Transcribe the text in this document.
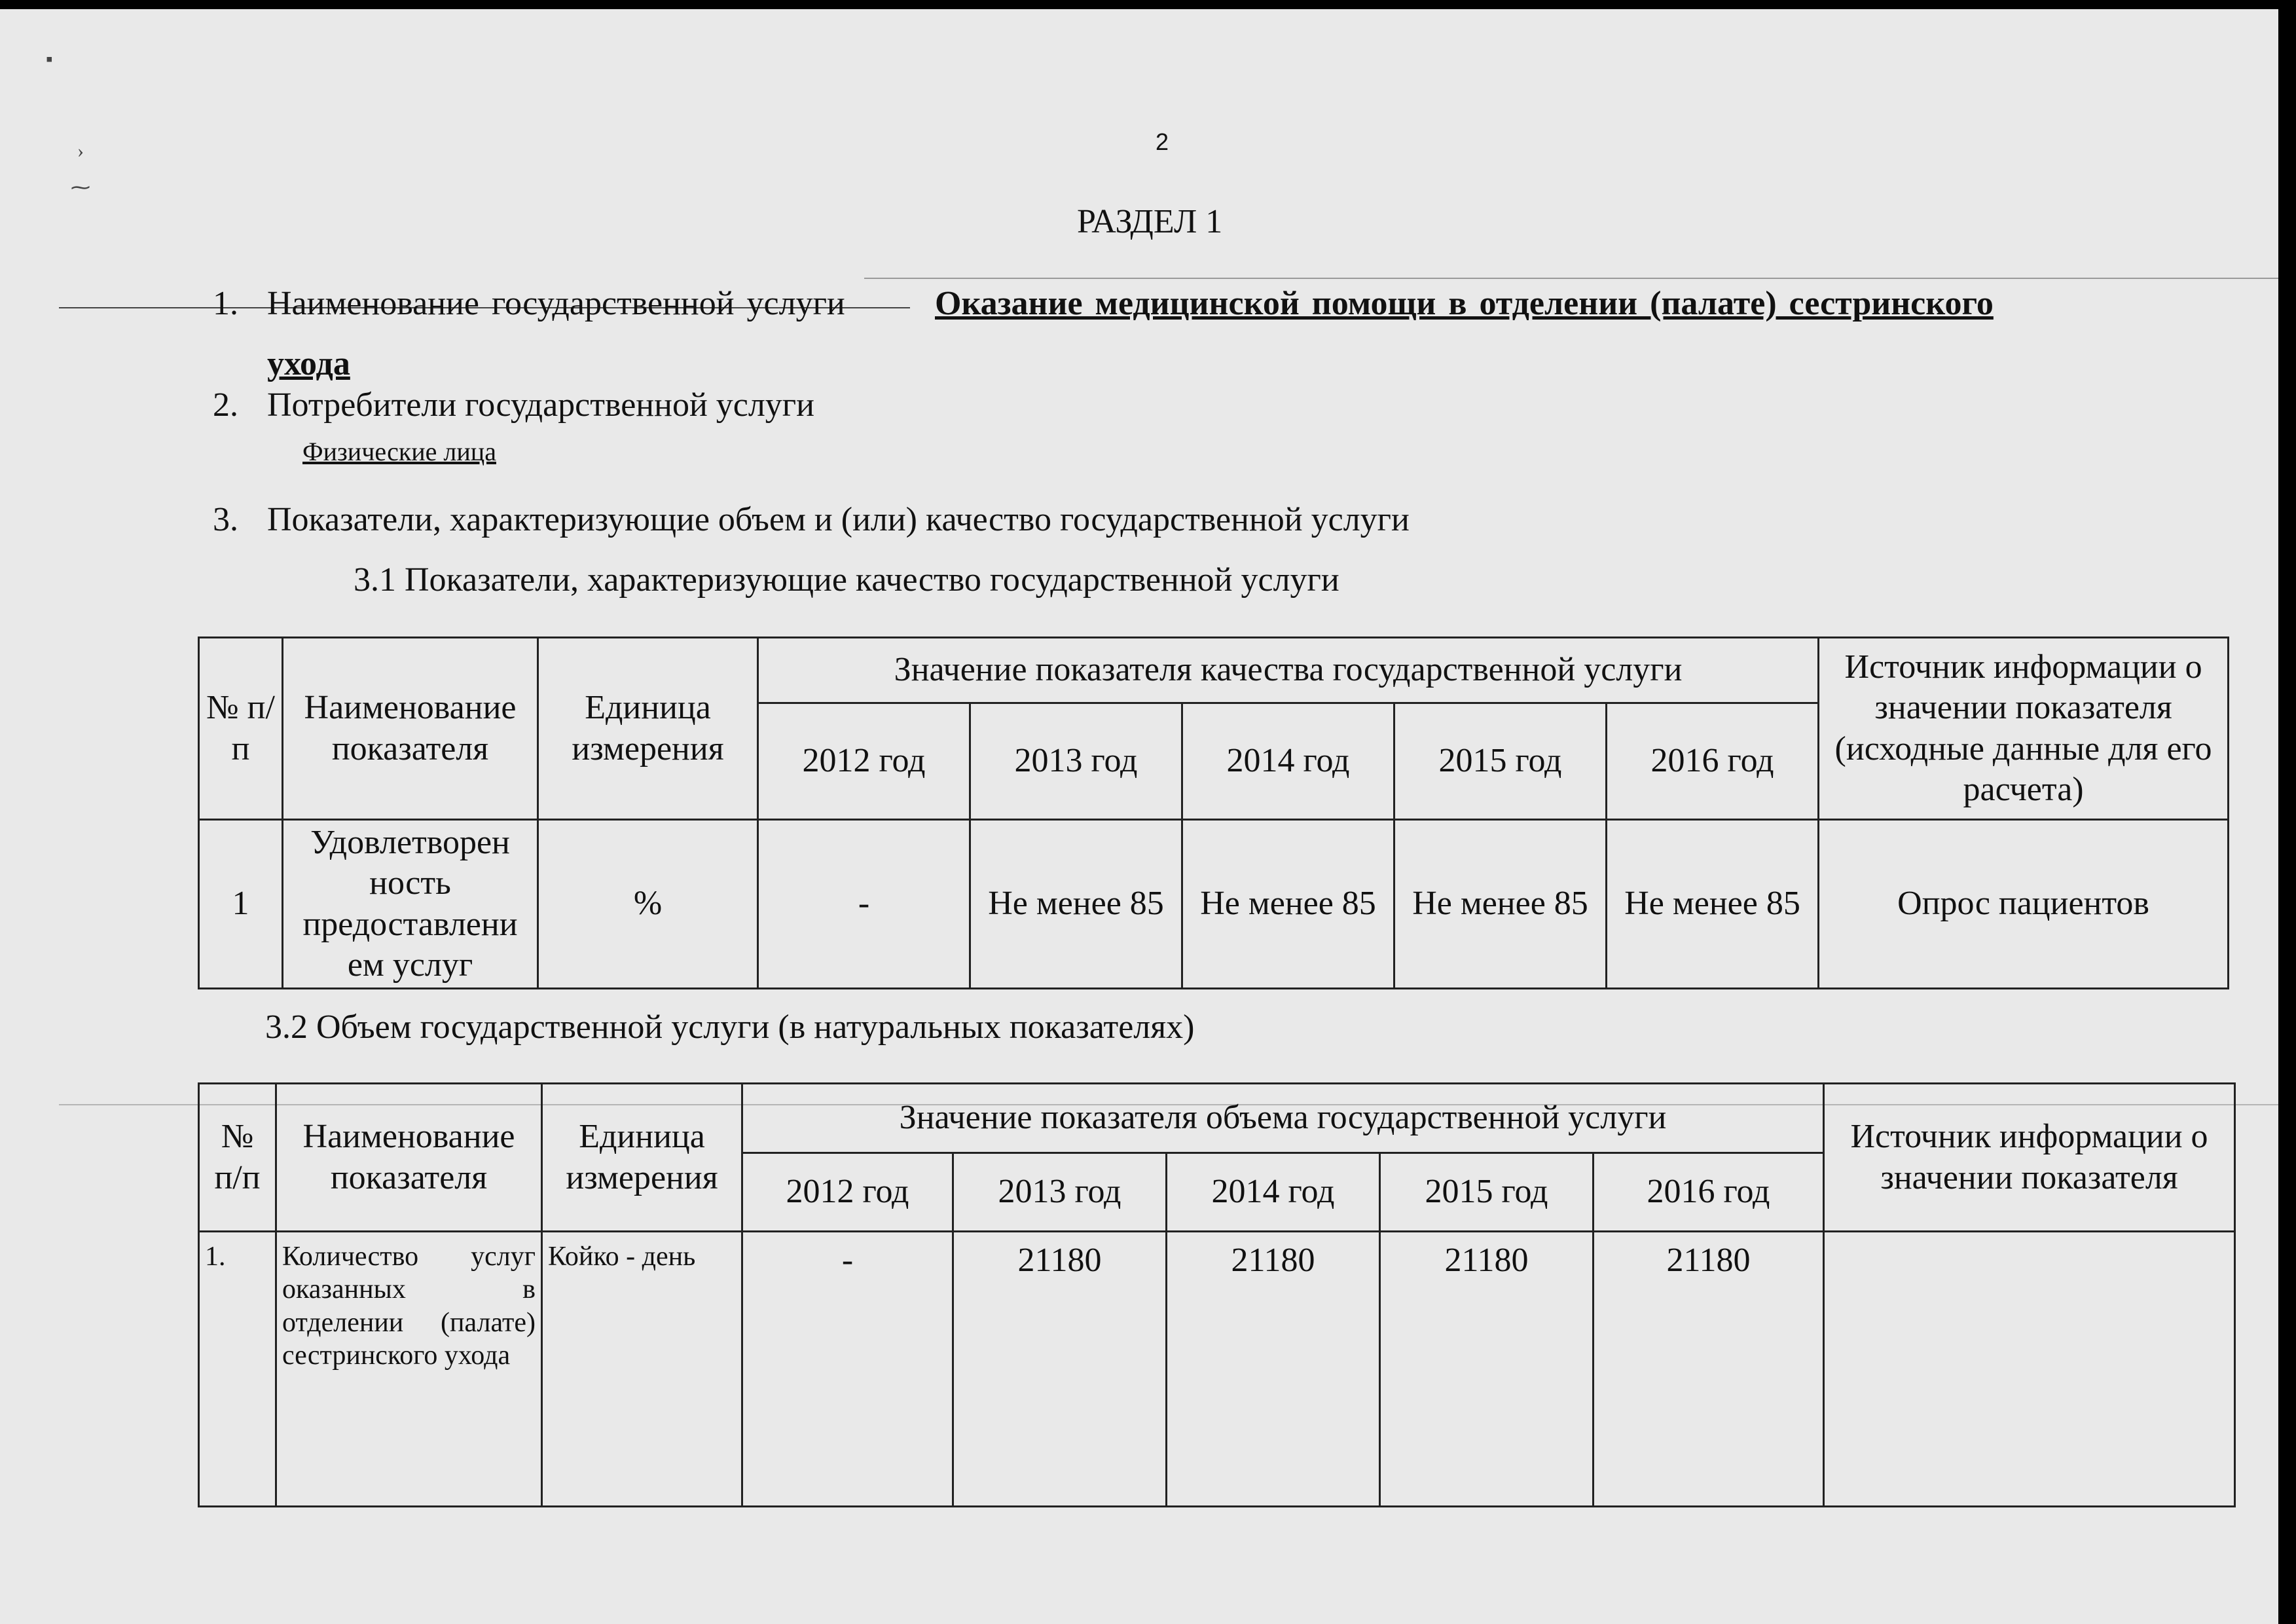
▪
›
⁓
2
РАЗДЕЛ 1
1. Наименование государственной услуги	Оказание медицинской помощи в отделении (палате) сестринского
ухода
2. Потребители государственной услуги
Физические лица
3. Показатели, характеризующие объем и (или) качество государственной услуги
3.1 Показатели, характеризующие качество государственной услуги
№ п/п	Наименование показателя	Единица измерения	Значение показателя качества государственной услуги					Источник информации о значении показателя (исходные данные для его расчета)
			2012 год	2013 год	2014 год	2015 год	2016 год	
1	Удовлетворен ность предоставлени ем услуг	%	-	Не менее 85	Не менее 85	Не менее 85	Не менее 85	Опрос пациентов
3.2 Объем государственной услуги (в натуральных показателях)
№ п/п	Наименование показателя	Единица измерения	Значение показателя объема государственной услуги					Источник информации о значении показателя
			2012 год	2013 год	2014 год	2015 год	2016 год	
1.	Количество услуг оказанных в отделении (палате) сестринского ухода	Койко - день	-	21180	21180	21180	21180	
